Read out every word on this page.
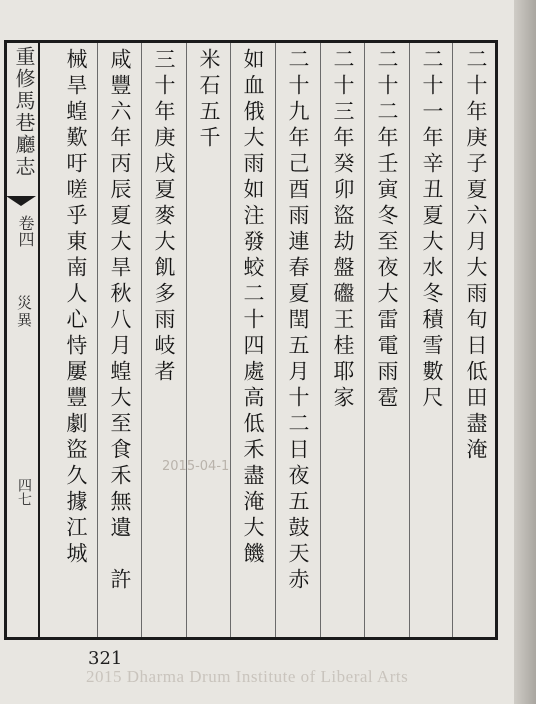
重修馬巷廳志
卷四
災異
四七
二十年庚子夏六月大雨旬日低田盡淹
二十一年辛丑夏大水冬積雪數尺
二十二年壬寅冬至夜大雷電雨雹
二十三年癸卯盜劫盤䃲王桂耶家
二十九年己酉雨連春夏閏五月十二日夜五鼓天赤
如血俄大雨如注發蛟二十四處高低禾盡淹大饑
米石五千
三十年庚戌夏麥大飢多雨岐者
咸豐六年丙辰夏大旱秋八月蝗大至食禾無遺　許
械旱蝗歎吁嗟乎東南人心恃屢豐劇盜久據江城	2015-04-1
321
2015 Dharma Drum Institute of Liberal Arts
